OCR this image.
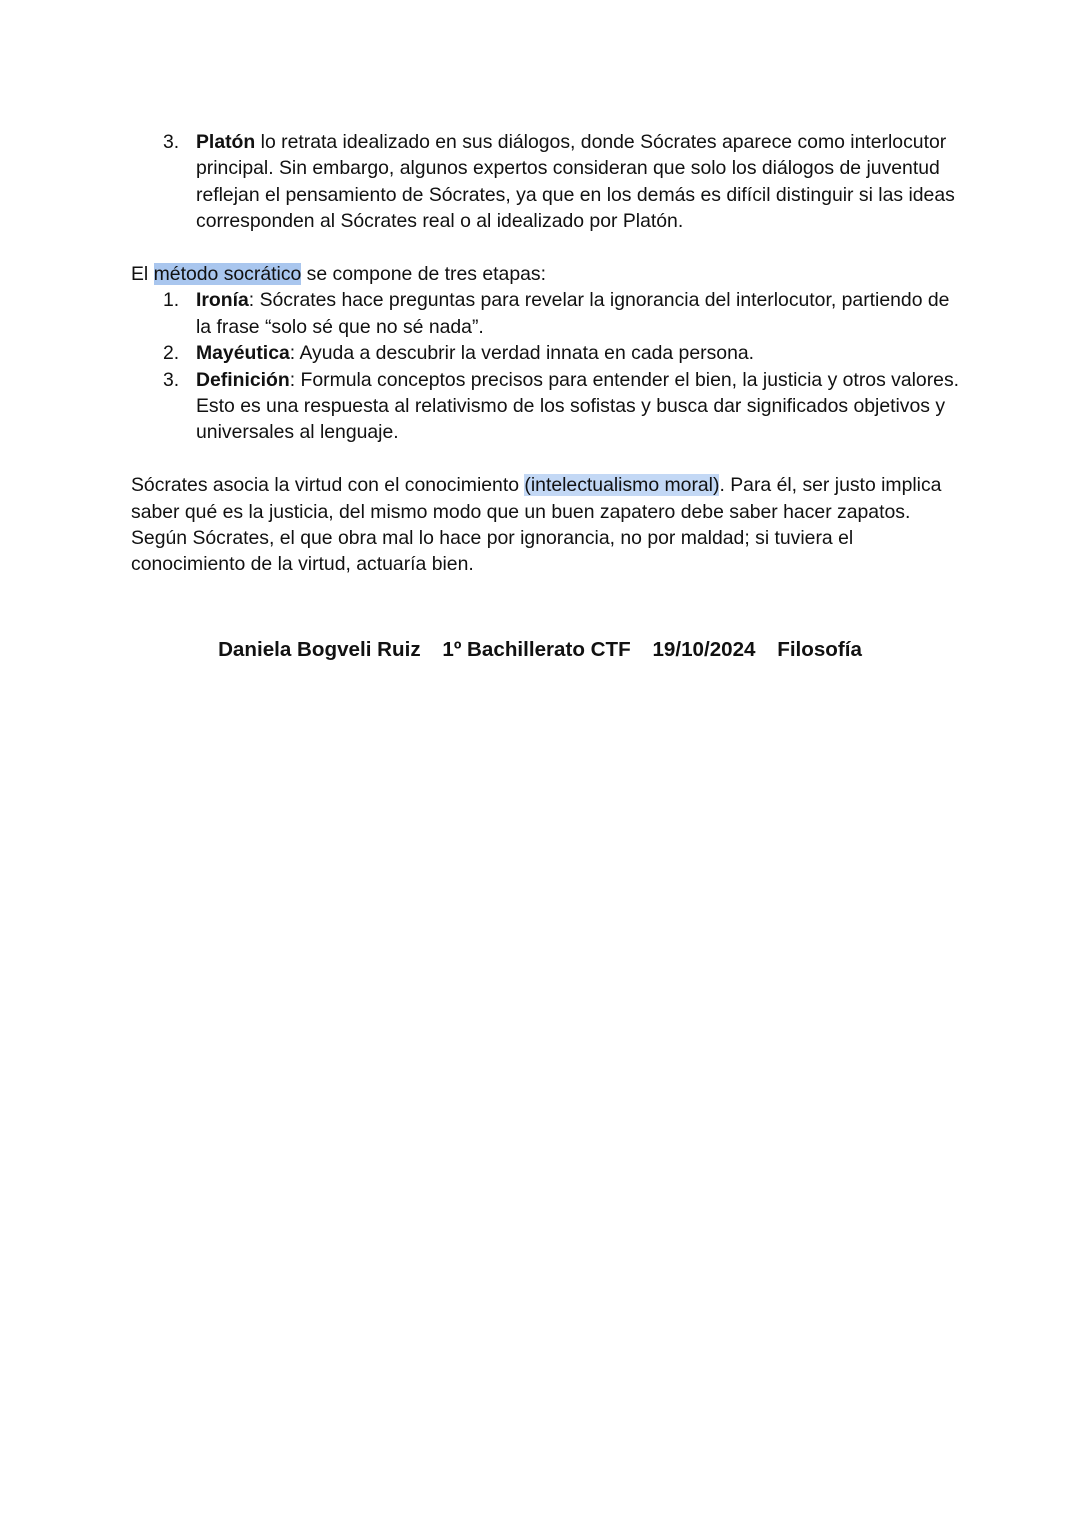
3. Platón lo retrata idealizado en sus diálogos, donde Sócrates aparece como interlocutor principal. Sin embargo, algunos expertos consideran que solo los diálogos de juventud reflejan el pensamiento de Sócrates, ya que en los demás es difícil distinguir si las ideas corresponden al Sócrates real o al idealizado por Platón.

El método socrático se compone de tres etapas:

1. Ironía: Sócrates hace preguntas para revelar la ignorancia del interlocutor, partiendo de la frase “solo sé que no sé nada”.
2. Mayéutica: Ayuda a descubrir la verdad innata en cada persona.
3. Definición: Formula conceptos precisos para entender el bien, la justicia y otros valores. Esto es una respuesta al relativismo de los sofistas y busca dar significados objetivos y universales al lenguaje.

Sócrates asocia la virtud con el conocimiento (intelectualismo moral). Para él, ser justo implica saber qué es la justicia, del mismo modo que un buen zapatero debe saber hacer zapatos. Según Sócrates, el que obra mal lo hace por ignorancia, no por maldad; si tuviera el conocimiento de la virtud, actuaría bien.

Daniela Bogveli Ruiz 1º Bachillerato CTF 19/10/2024 Filosofía
